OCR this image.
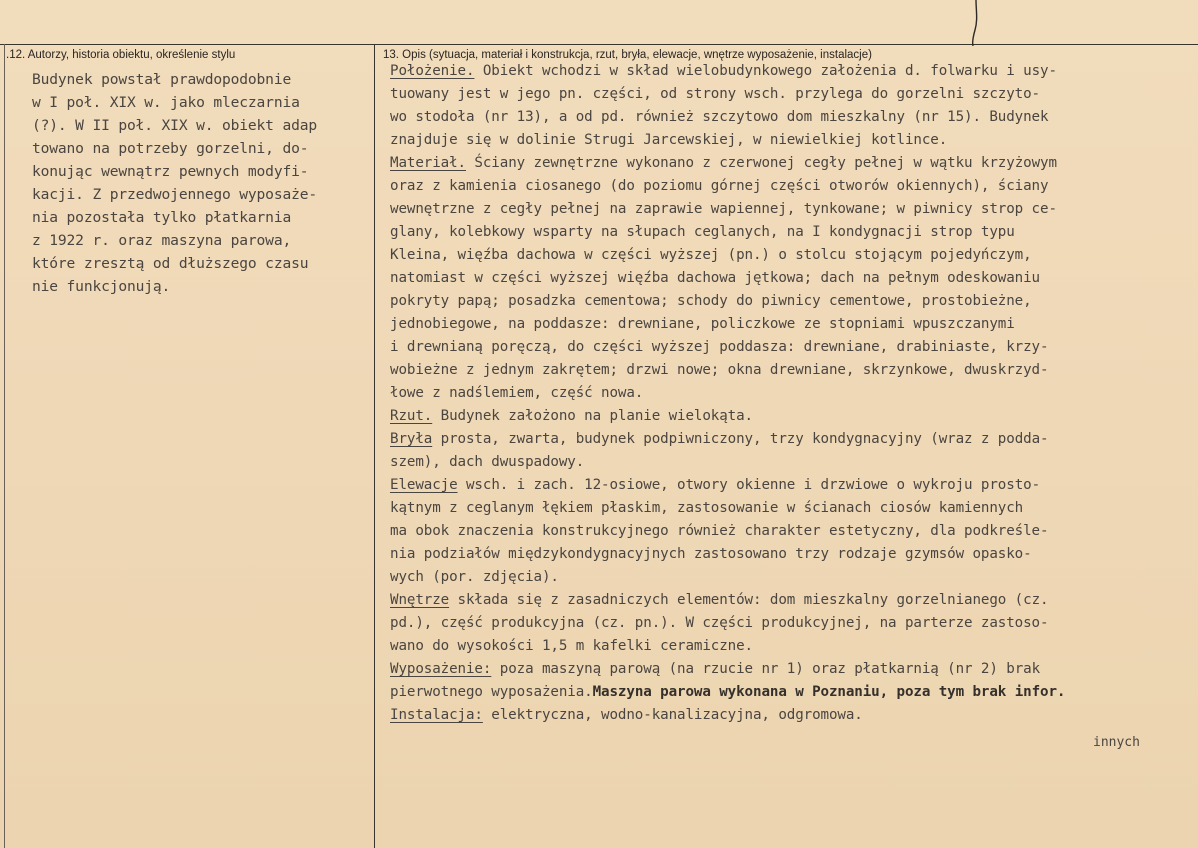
.12. Autorzy, historia obiektu, określenie stylu	13. Opis (sytuacja, materiał i konstrukcja, rzut, bryła, elewacje, wnętrze wyposażenie, instalacje)

Budynek powstał prawdopodobnie

w I poł. XIX w. jako mleczarnia

(?). W II poł. XIX w. obiekt adap

towano na potrzeby gorzelni, do-

konując wewnątrz pewnych modyfi-

kacji. Z przedwojennego wyposaże-

nia pozostała tylko płatkarnia

z 1922 r. oraz maszyna parowa,

które zresztą od dłuższego czasu

nie funkcjonują.

Położenie. Obiekt wchodzi w skład wielobudynkowego założenia d. folwarku i usy-

tuowany jest w jego pn. części, od strony wsch. przylega do gorzelni szczyto-

wo stodoła (nr 13), a od pd. również szczytowo dom mieszkalny (nr 15). Budynek

znajduje się w dolinie Strugi Jarcewskiej, w niewielkiej kotlince.

Materiał. Ściany zewnętrzne wykonano z czerwonej cegły pełnej w wątku krzyżowym

oraz z kamienia ciosanego (do poziomu górnej części otworów okiennych), ściany

wewnętrzne z cegły pełnej na zaprawie wapiennej, tynkowane; w piwnicy strop ce-

glany, kolebkowy wsparty na słupach ceglanych, na I kondygnacji strop typu

Kleina, więźba dachowa w części wyższej (pn.) o stolcu stojącym pojedyńczym,

natomiast w części wyższej więźba dachowa jętkowa; dach na pełnym odeskowaniu

pokryty papą; posadzka cementowa; schody do piwnicy cementowe, prostobieżne,

jednobiegowe, na poddasze: drewniane, policzkowe ze stopniami wpuszczanymi

i drewnianą poręczą, do części wyższej poddasza: drewniane, drabiniaste, krzy-

wobieżne z jednym zakrętem; drzwi nowe; okna drewniane, skrzynkowe, dwuskrzyd-

łowe z nadślemiem, część nowa.

Rzut. Budynek założono na planie wielokąta.

Bryła prosta, zwarta, budynek podpiwniczony, trzy kondygnacyjny (wraz z podda-

szem), dach dwuspadowy.

Elewacje wsch. i zach. 12-osiowe, otwory okienne i drzwiowe o wykroju prosto-

kątnym z ceglanym łękiem płaskim, zastosowanie w ścianach ciosów kamiennych

ma obok znaczenia konstrukcyjnego również charakter estetyczny, dla podkreśle-

nia podziałów międzykondygnacyjnych zastosowano trzy rodzaje gzymsów opasko-

wych (por. zdjęcia).

Wnętrze składa się z zasadniczych elementów: dom mieszkalny gorzelnianego (cz.

pd.), część produkcyjna (cz. pn.). W części produkcyjnej, na parterze zastoso-

wano do wysokości 1,5 m kafelki ceramiczne.

Wyposażenie: poza maszyną parową (na rzucie nr 1) oraz płatkarnią (nr 2) brak

pierwotnego wyposażenia.Maszyna parowa wykonana w Poznaniu, poza tym brak infor.

Instalacja: elektryczna, wodno-kanalizacyjna, odgromowa.

innych
